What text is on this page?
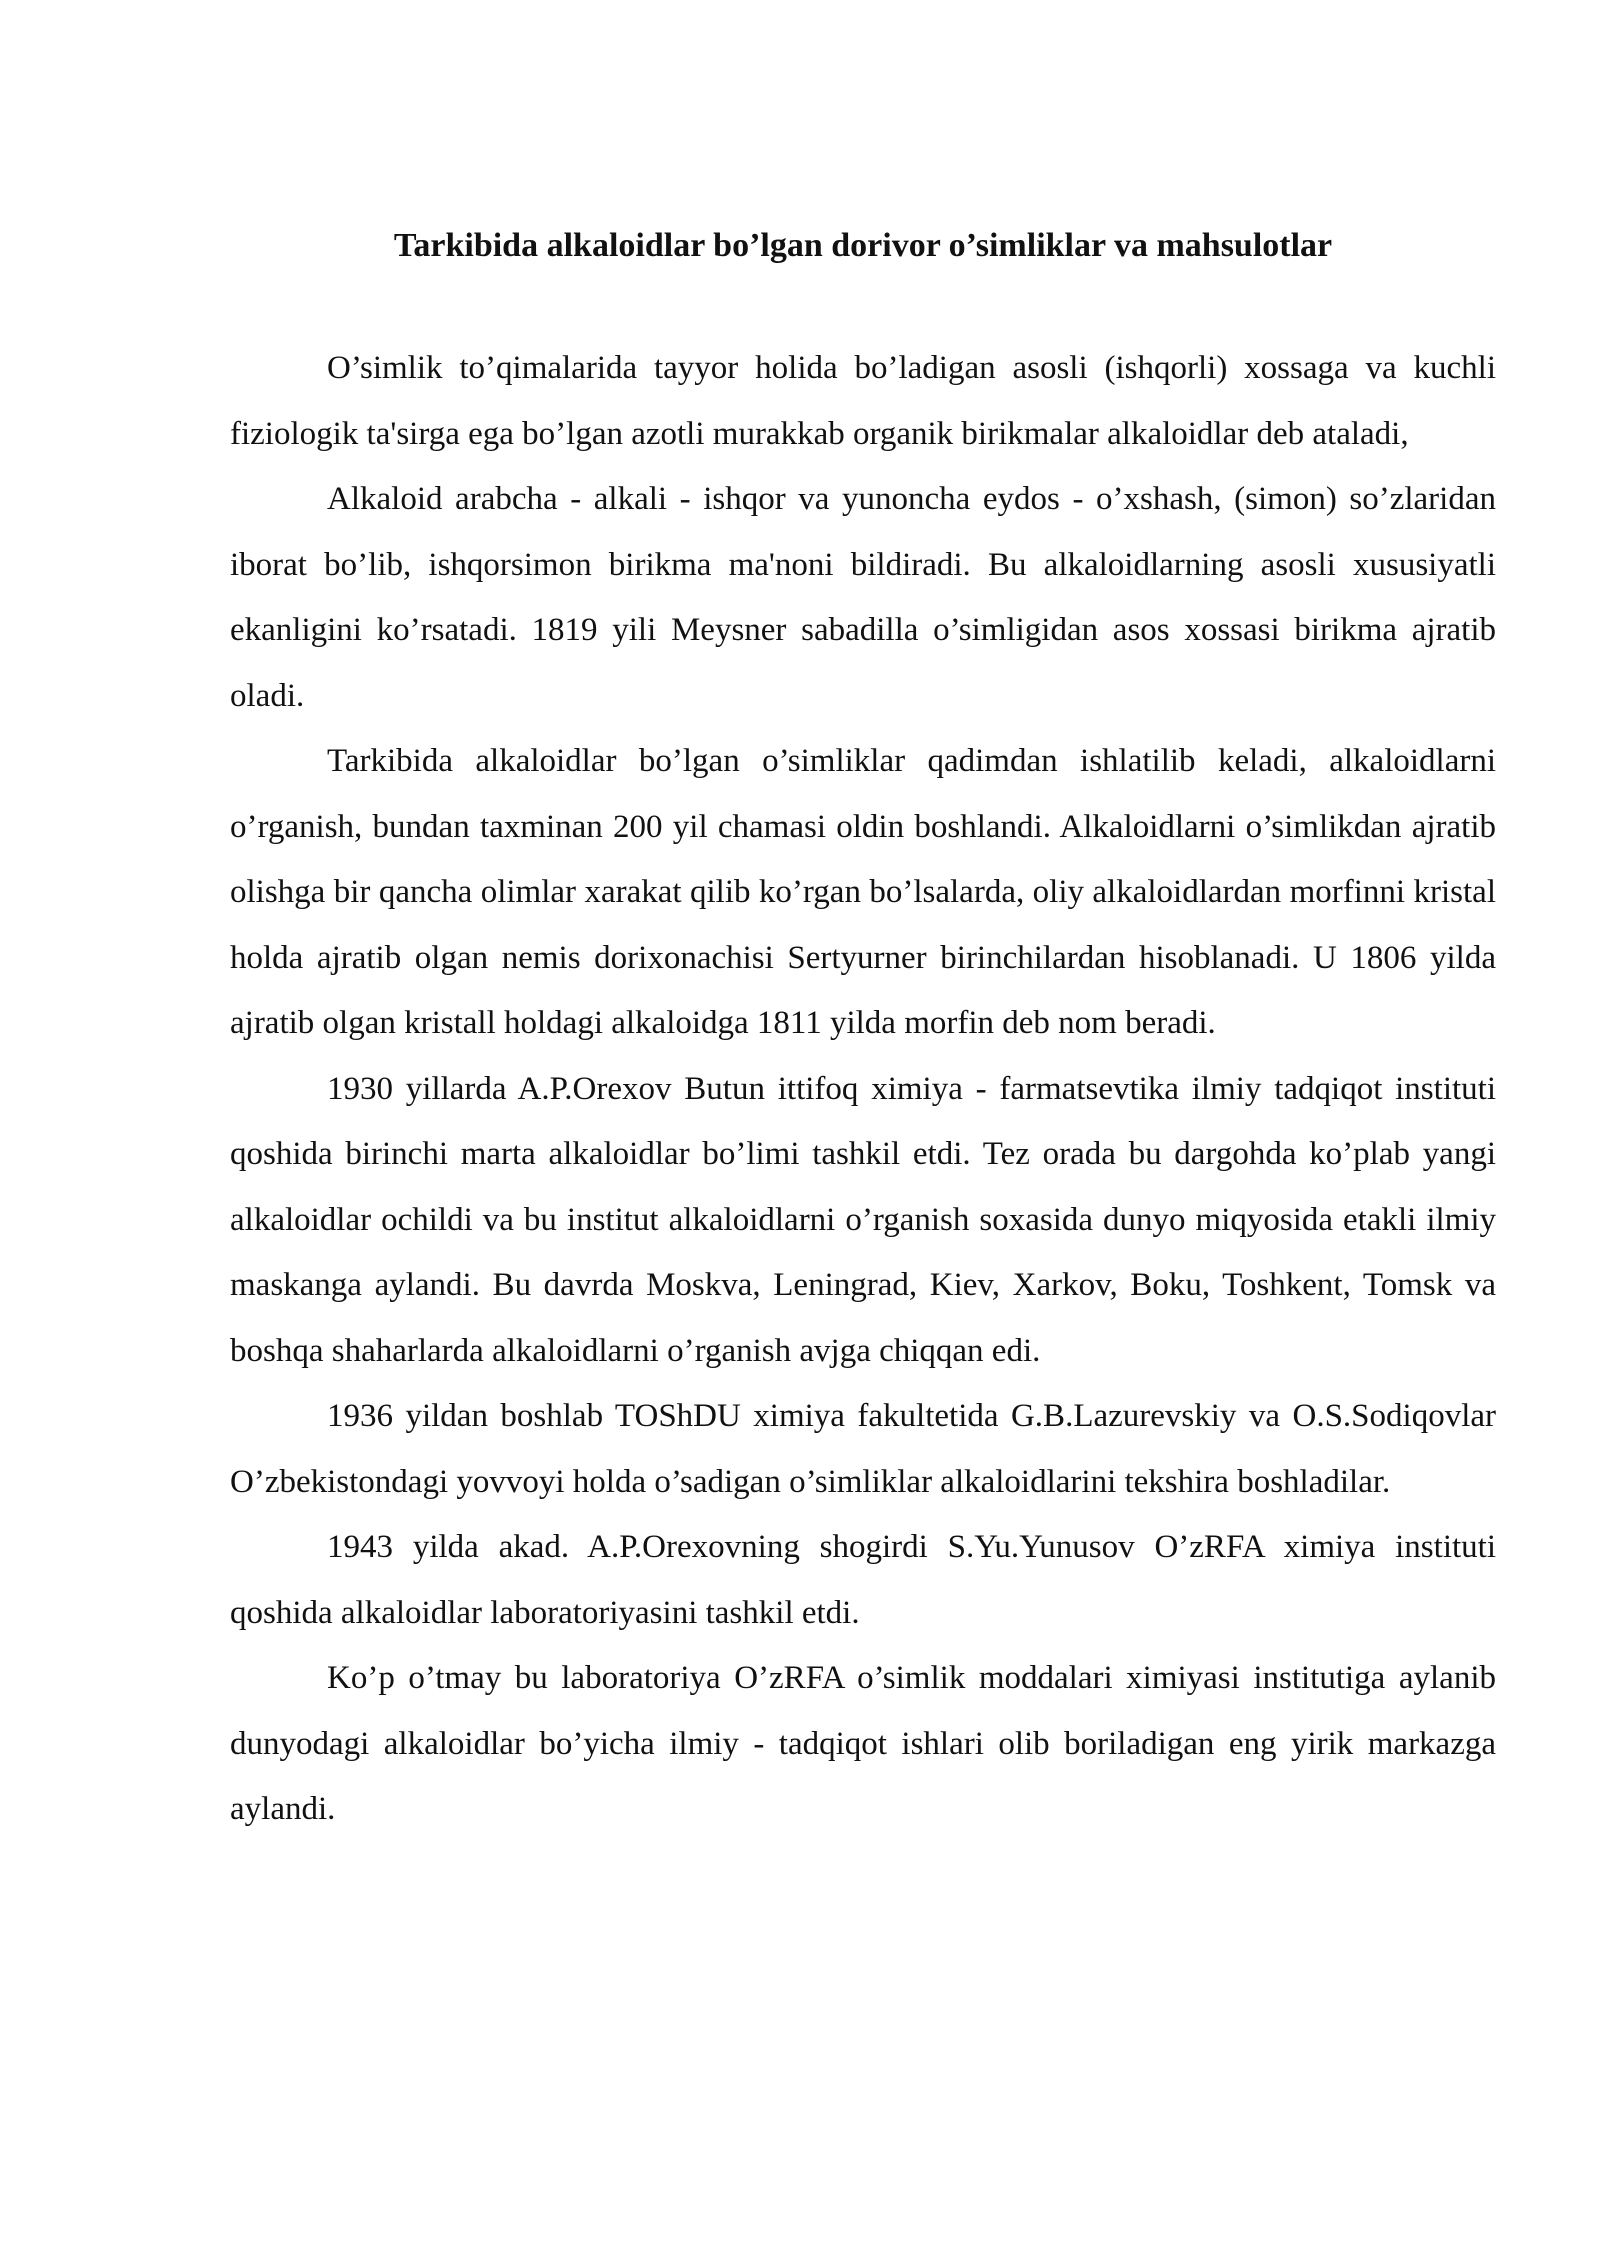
Tarkibida alkaloidlar bo’lgan dorivor o’simliklar va mahsulotlar

O’simlik to’qimalarida tayyor holida bo’ladigan asosli (ishqorli) xossaga va kuchli fiziologik ta'sirga ega bo’lgan azotli murakkab organik birikmalar alkaloidlar deb ataladi,

Alkaloid arabcha - alkali - ishqor va yunoncha eydos - o’xshash, (simon) so’zlaridan iborat bo’lib, ishqorsimon birikma ma'noni bildiradi. Bu alkaloidlarning asosli xususiyatli ekanligini ko’rsatadi. 1819 yili Meysner sabadilla o’simligidan asos xossasi birikma ajratib oladi.

Tarkibida alkaloidlar bo’lgan o’simliklar qadimdan ishlatilib keladi, alkaloidlarni o’rganish, bundan taxminan 200 yil chamasi oldin boshlandi. Alkaloidlarni o’simlikdan ajratib olishga bir qancha olimlar xarakat qilib ko’rgan bo’lsalarda, oliy alkaloidlardan morfinni kristal holda ajratib olgan nemis dorixonachisi Sertyurner birinchilardan hisoblanadi. U 1806 yilda ajratib olgan kristall holdagi alkaloidga 1811 yilda morfin deb nom beradi.

1930 yillarda A.P.Orexov Butun ittifoq ximiya - farmatsevtika ilmiy tadqiqot instituti qoshida birinchi marta alkaloidlar bo’limi tashkil etdi. Tez orada bu dargohda ko’plab yangi alkaloidlar ochildi va bu institut alkaloidlarni o’rganish soxasida dunyo miqyosida etakli ilmiy maskanga aylandi. Bu davrda Moskva, Leningrad, Kiev, Xarkov, Boku, Toshkent, Tomsk va boshqa shaharlarda alkaloidlarni o’rganish avjga chiqqan edi.

1936 yildan boshlab TOShDU ximiya fakultetida G.B.Lazurevskiy va O.S.Sodiqovlar O’zbekistondagi yovvoyi holda o’sadigan o’simliklar alkaloidlarini tekshira boshladilar.

1943 yilda akad. A.P.Orexovning shogirdi S.Yu.Yunusov O’zRFA ximiya instituti qoshida alkaloidlar laboratoriyasini tashkil etdi.

Ko’p o’tmay bu laboratoriya O’zRFA o’simlik moddalari ximiyasi institutiga aylanib dunyodagi alkaloidlar bo’yicha ilmiy - tadqiqot ishlari olib boriladigan eng yirik markazga aylandi.
